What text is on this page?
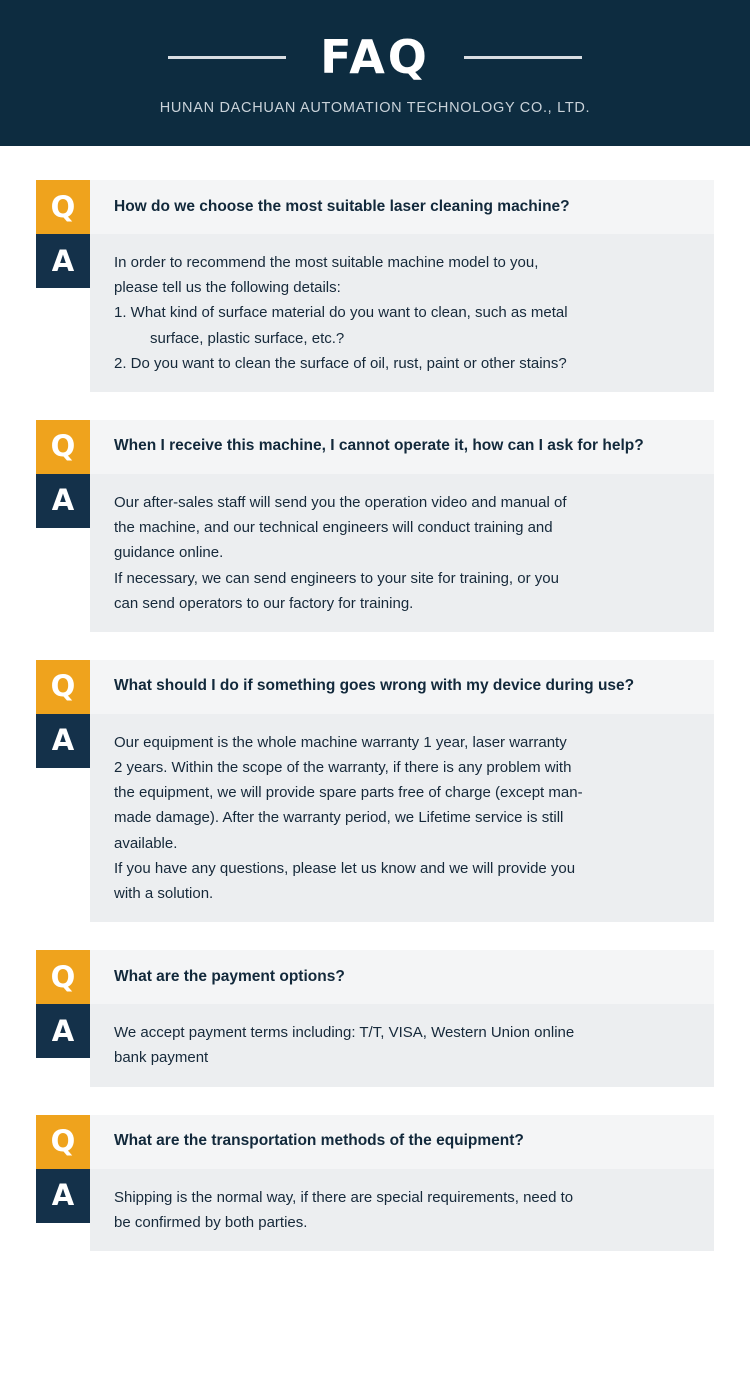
FAQ
HUNAN DACHUAN AUTOMATION TECHNOLOGY CO., LTD.
Q	How do we choose the most suitable laser cleaning machine?
A	In order to recommend the most suitable machine model to you,

please tell us the following details:

1. What kind of surface material do you want to clean, such as metal

surface, plastic surface, etc.?

2. Do you want to clean the surface of oil, rust, paint or other stains?

Q	When I receive this machine, I cannot operate it, how can I ask for help?
A	Our after-sales staff will send you the operation video and manual of

the machine, and our technical engineers will conduct training and

guidance online.

If necessary, we can send engineers to your site for training, or you

can send operators to our factory for training.

Q	What should I do if something goes wrong with my device during use?
A	Our equipment is the whole machine warranty 1 year, laser warranty

2 years. Within the scope of the warranty, if there is any problem with

the equipment, we will provide spare parts free of charge (except man-

made damage). After the warranty period, we Lifetime service is still

available.

If you have any questions, please let us know and we will provide you

with a solution.

Q	What are the payment options?
A	We accept payment terms including: T/T, VISA, Western Union online

bank payment

Q	What are the transportation methods of the equipment?
A	Shipping is the normal way, if there are special requirements, need to

be confirmed by both parties.
